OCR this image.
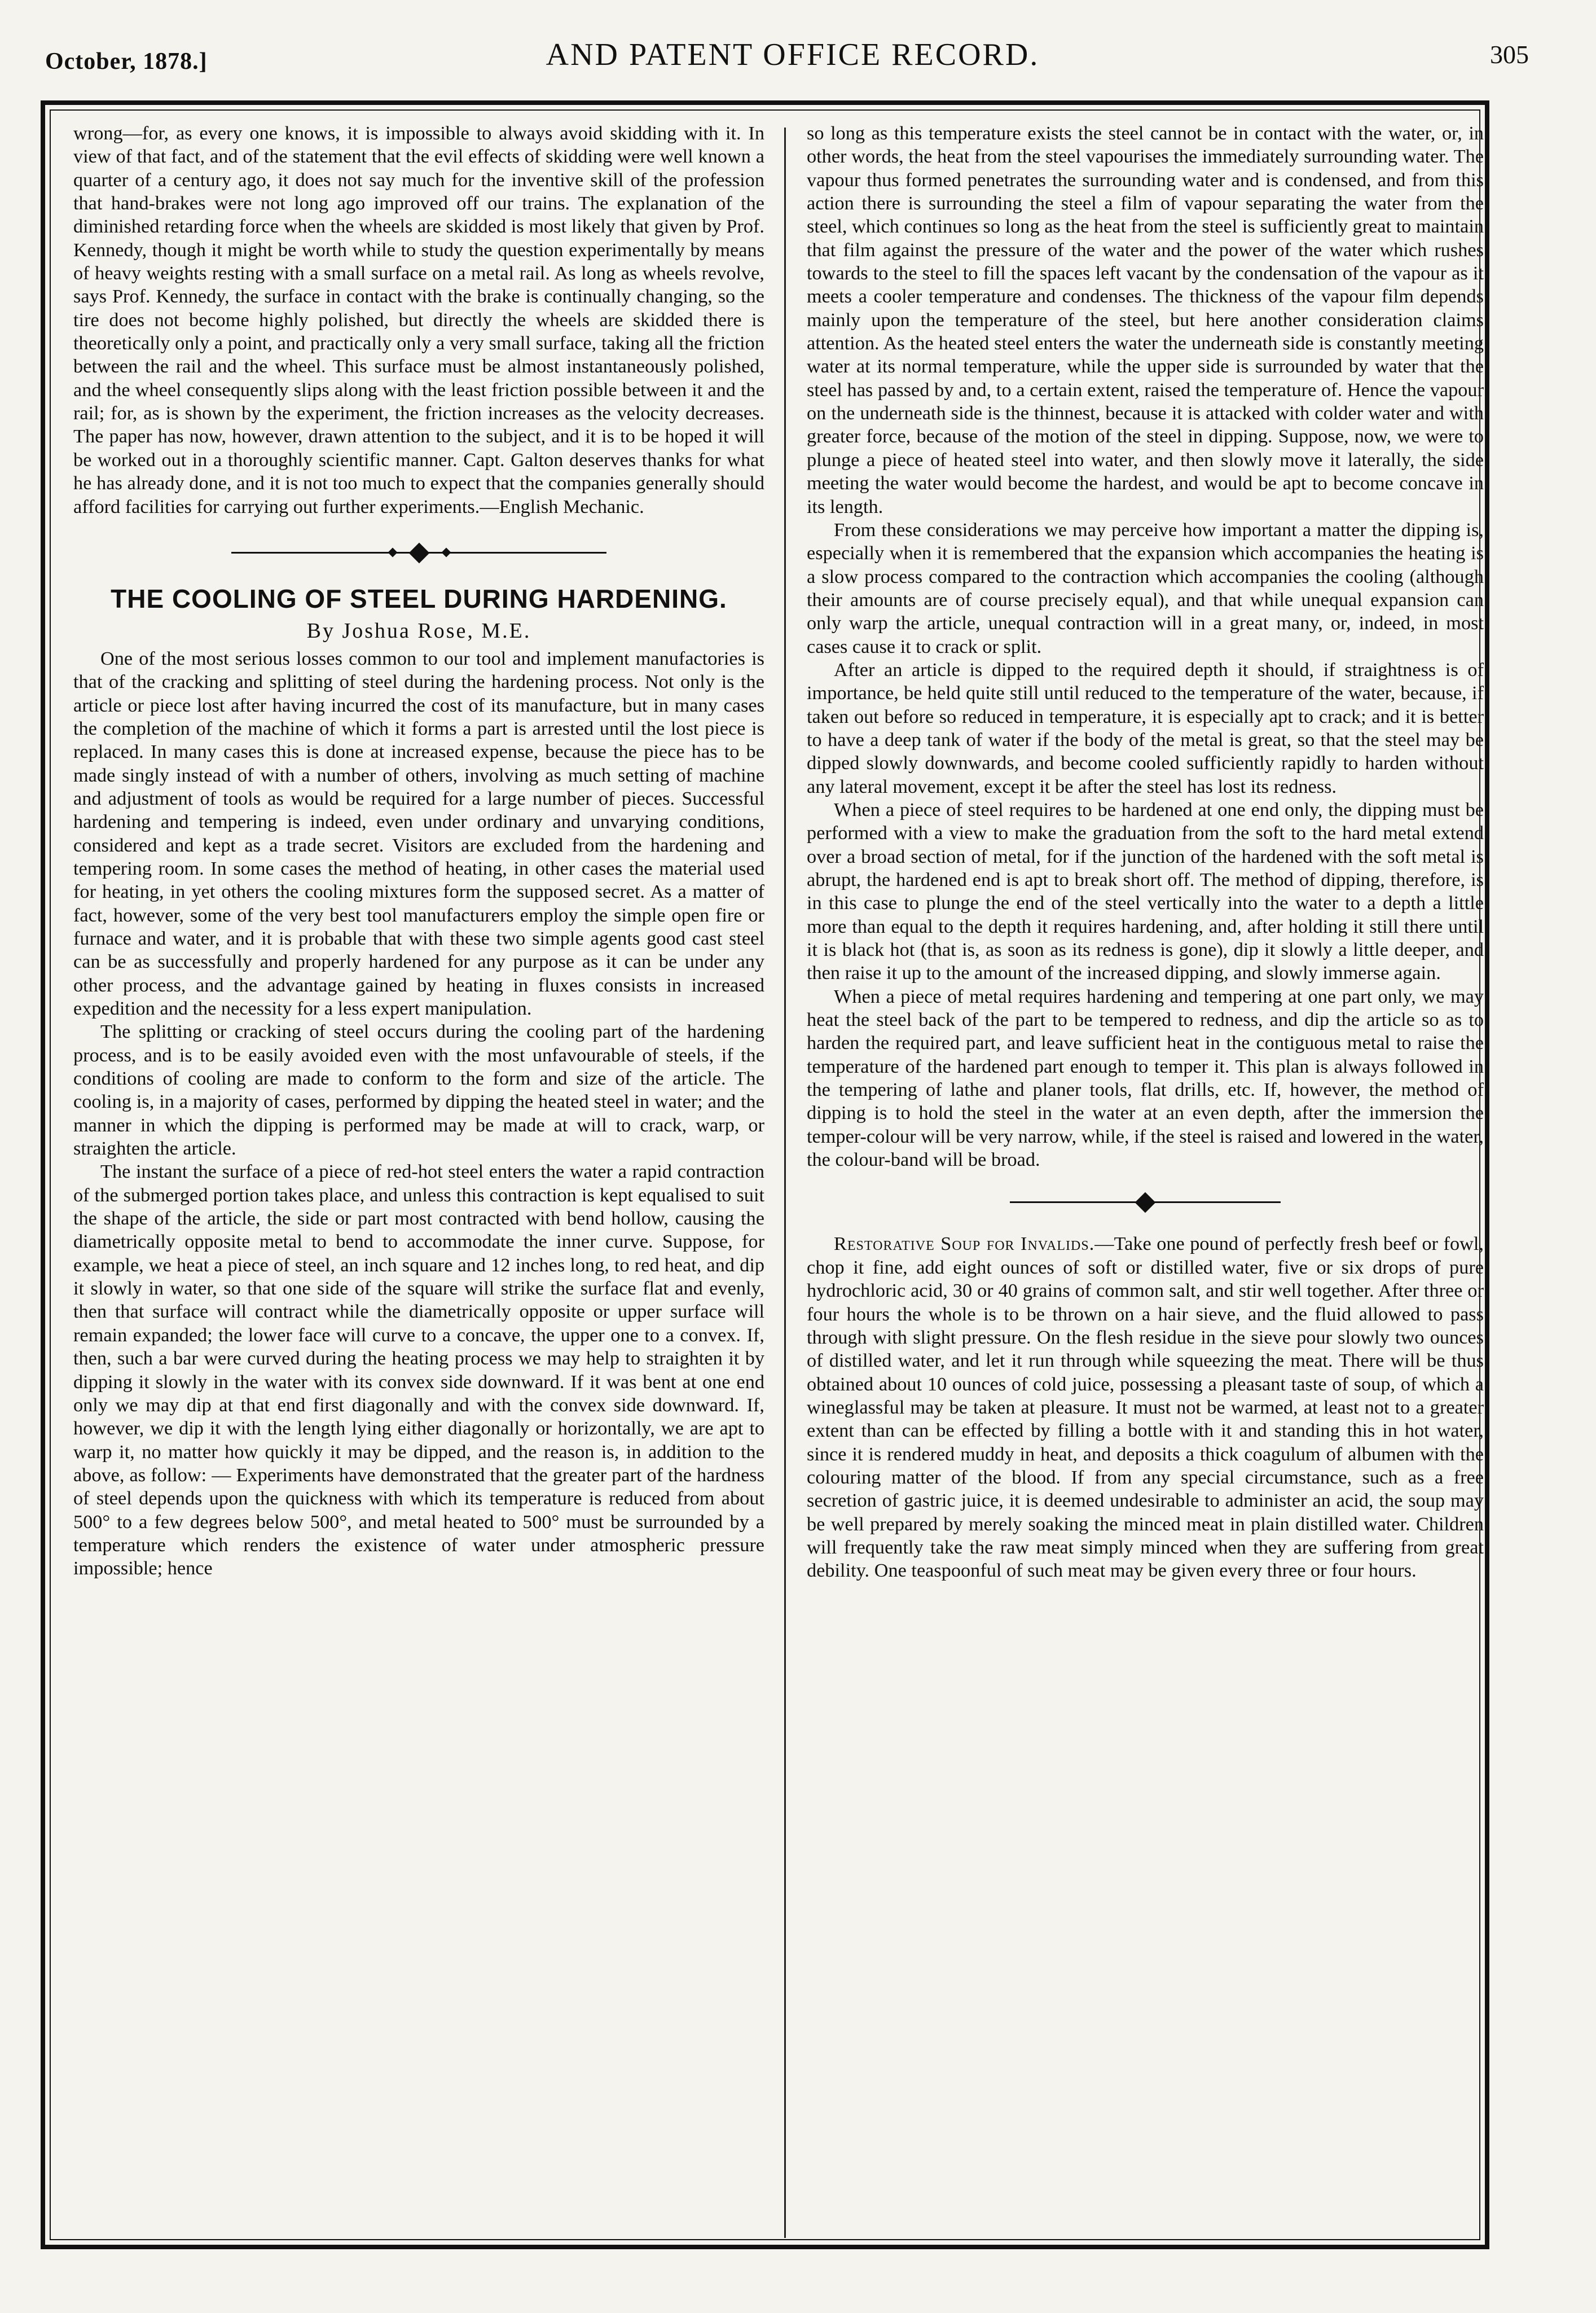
October, 1878.]	AND PATENT OFFICE RECORD.	305

wrong—for, as every one knows, it is impossible to always avoid skidding with it. In view of that fact, and of the statement that the evil effects of skidding were well known a quarter of a century ago, it does not say much for the inventive skill of the profession that hand-brakes were not long ago improved off our trains. The explanation of the diminished retarding force when the wheels are skidded is most likely that given by Prof. Kennedy, though it might be worth while to study the question experimentally by means of heavy weights resting with a small surface on a metal rail. As long as wheels revolve, says Prof. Kennedy, the surface in contact with the brake is continually changing, so the tire does not become highly polished, but directly the wheels are skidded there is theoretically only a point, and practically only a very small surface, taking all the friction between the rail and the wheel. This surface must be almost instantaneously polished, and the wheel consequently slips along with the least friction possible between it and the rail; for, as is shown by the experiment, the friction increases as the velocity decreases. The paper has now, however, drawn attention to the subject, and it is to be hoped it will be worked out in a thoroughly scientific manner. Capt. Galton deserves thanks for what he has already done, and it is not too much to expect that the companies generally should afford facilities for carrying out further experiments.—English Mechanic.

THE COOLING OF STEEL DURING HARDENING.
By Joshua Rose, M.E.

One of the most serious losses common to our tool and implement manufactories is that of the cracking and splitting of steel during the hardening process. Not only is the article or piece lost after having incurred the cost of its manufacture, but in many cases the completion of the machine of which it forms a part is arrested until the lost piece is replaced. In many cases this is done at increased expense, because the piece has to be made singly instead of with a number of others, involving as much setting of machine and adjustment of tools as would be required for a large number of pieces. Successful hardening and tempering is indeed, even under ordinary and unvarying conditions, considered and kept as a trade secret. Visitors are excluded from the hardening and tempering room. In some cases the method of heating, in other cases the material used for heating, in yet others the cooling mixtures form the supposed secret. As a matter of fact, however, some of the very best tool manufacturers employ the simple open fire or furnace and water, and it is probable that with these two simple agents good cast steel can be as successfully and properly hardened for any purpose as it can be under any other process, and the advantage gained by heating in fluxes consists in increased expedition and the necessity for a less expert manipulation.

The splitting or cracking of steel occurs during the cooling part of the hardening process, and is to be easily avoided even with the most unfavourable of steels, if the conditions of cooling are made to conform to the form and size of the article. The cooling is, in a majority of cases, performed by dipping the heated steel in water; and the manner in which the dipping is performed may be made at will to crack, warp, or straighten the article.

The instant the surface of a piece of red-hot steel enters the water a rapid contraction of the submerged portion takes place, and unless this contraction is kept equalised to suit the shape of the article, the side or part most contracted with bend hollow, causing the diametrically opposite metal to bend to accommodate the inner curve. Suppose, for example, we heat a piece of steel, an inch square and 12 inches long, to red heat, and dip it slowly in water, so that one side of the square will strike the surface flat and evenly, then that surface will contract while the diametrically opposite or upper surface will remain expanded; the lower face will curve to a concave, the upper one to a convex. If, then, such a bar were curved during the heating process we may help to straighten it by dipping it slowly in the water with its convex side downward. If it was bent at one end only we may dip at that end first diagonally and with the convex side downward. If, however, we dip it with the length lying either diagonally or horizontally, we are apt to warp it, no matter how quickly it may be dipped, and the reason is, in addition to the above, as follow: — Experiments have demonstrated that the greater part of the hardness of steel depends upon the quickness with which its temperature is reduced from about 500° to a few degrees below 500°, and metal heated to 500° must be surrounded by a temperature which renders the existence of water under atmospheric pressure impossible; hence

so long as this temperature exists the steel cannot be in contact with the water, or, in other words, the heat from the steel vapourises the immediately surrounding water. The vapour thus formed penetrates the surrounding water and is condensed, and from this action there is surrounding the steel a film of vapour separating the water from the steel, which continues so long as the heat from the steel is sufficiently great to maintain that film against the pressure of the water and the power of the water which rushes towards to the steel to fill the spaces left vacant by the condensation of the vapour as it meets a cooler temperature and condenses. The thickness of the vapour film depends mainly upon the temperature of the steel, but here another consideration claims attention. As the heated steel enters the water the underneath side is constantly meeting water at its normal temperature, while the upper side is surrounded by water that the steel has passed by and, to a certain extent, raised the temperature of. Hence the vapour on the underneath side is the thinnest, because it is attacked with colder water and with greater force, because of the motion of the steel in dipping. Suppose, now, we were to plunge a piece of heated steel into water, and then slowly move it laterally, the side meeting the water would become the hardest, and would be apt to become concave in its length.

From these considerations we may perceive how important a matter the dipping is, especially when it is remembered that the expansion which accompanies the heating is a slow process compared to the contraction which accompanies the cooling (although their amounts are of course precisely equal), and that while unequal expansion can only warp the article, unequal contraction will in a great many, or, indeed, in most cases cause it to crack or split.

After an article is dipped to the required depth it should, if straightness is of importance, be held quite still until reduced to the temperature of the water, because, if taken out before so reduced in temperature, it is especially apt to crack; and it is better to have a deep tank of water if the body of the metal is great, so that the steel may be dipped slowly downwards, and become cooled sufficiently rapidly to harden without any lateral movement, except it be after the steel has lost its redness.

When a piece of steel requires to be hardened at one end only, the dipping must be performed with a view to make the graduation from the soft to the hard metal extend over a broad section of metal, for if the junction of the hardened with the soft metal is abrupt, the hardened end is apt to break short off. The method of dipping, therefore, is in this case to plunge the end of the steel vertically into the water to a depth a little more than equal to the depth it requires hardening, and, after holding it still there until it is black hot (that is, as soon as its redness is gone), dip it slowly a little deeper, and then raise it up to the amount of the increased dipping, and slowly immerse again.

When a piece of metal requires hardening and tempering at one part only, we may heat the steel back of the part to be tempered to redness, and dip the article so as to harden the required part, and leave sufficient heat in the contiguous metal to raise the temperature of the hardened part enough to temper it. This plan is always followed in the tempering of lathe and planer tools, flat drills, etc. If, however, the method of dipping is to hold the steel in the water at an even depth, after the immersion the temper-colour will be very narrow, while, if the steel is raised and lowered in the water, the colour-band will be broad.

Restorative Soup for Invalids.—Take one pound of perfectly fresh beef or fowl, chop it fine, add eight ounces of soft or distilled water, five or six drops of pure hydrochloric acid, 30 or 40 grains of common salt, and stir well together. After three or four hours the whole is to be thrown on a hair sieve, and the fluid allowed to pass through with slight pressure. On the flesh residue in the sieve pour slowly two ounces of distilled water, and let it run through while squeezing the meat. There will be thus obtained about 10 ounces of cold juice, possessing a pleasant taste of soup, of which a wineglassful may be taken at pleasure. It must not be warmed, at least not to a greater extent than can be effected by filling a bottle with it and standing this in hot water, since it is rendered muddy in heat, and deposits a thick coagulum of albumen with the colouring matter of the blood. If from any special circumstance, such as a free secretion of gastric juice, it is deemed undesirable to administer an acid, the soup may be well prepared by merely soaking the minced meat in plain distilled water. Children will frequently take the raw meat simply minced when they are suffering from great debility. One teaspoonful of such meat may be given every three or four hours.
